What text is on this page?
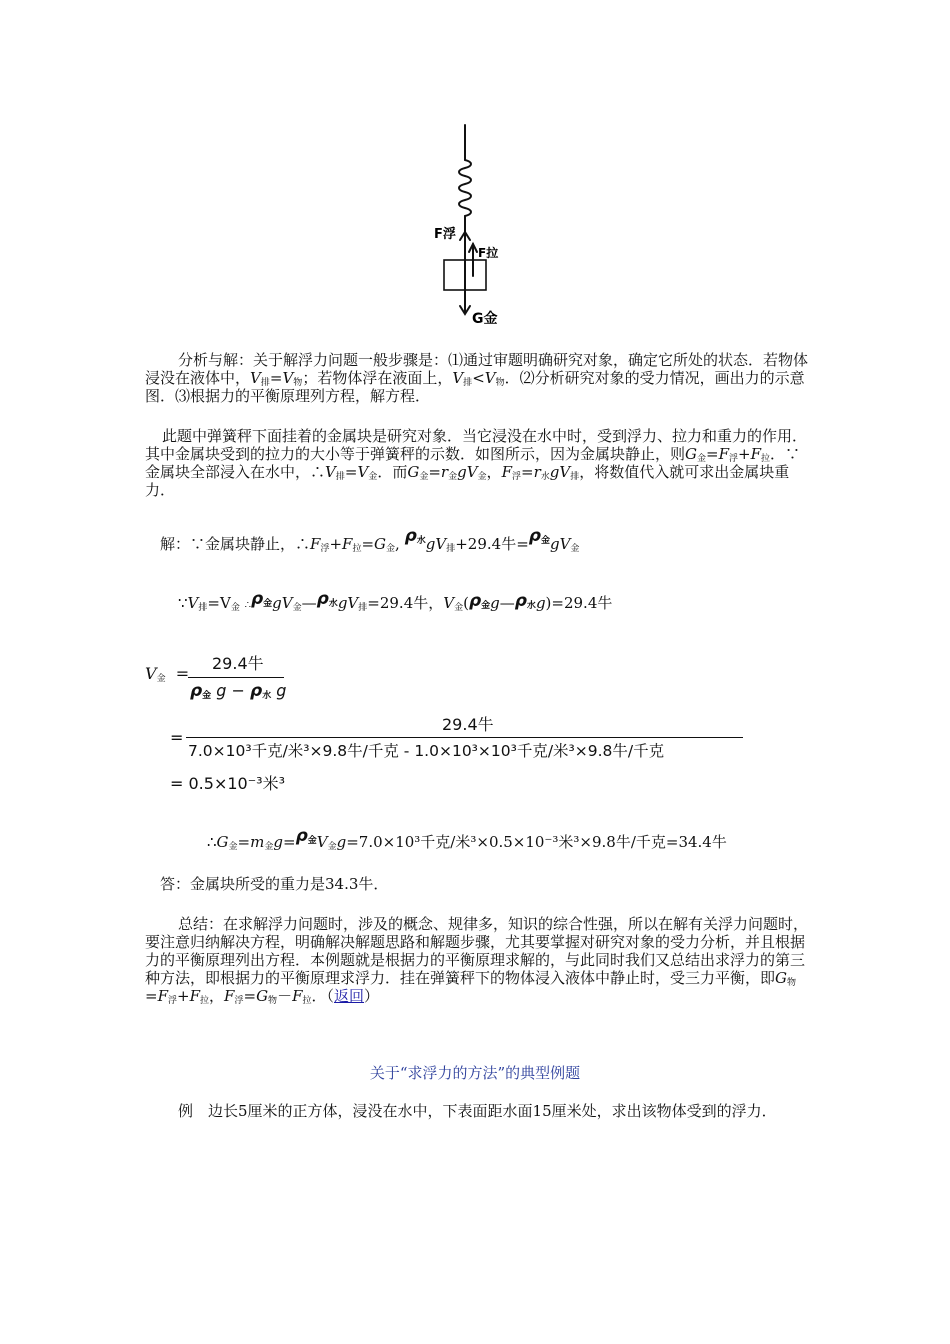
F浮
F拉
G金
分析与解：关于解浮力问题一般步骤是：⑴通过审题明确研究对象，确定它所处的状态．若物体浸没在液体中，$V_排=V_物$；若物体浮在液面上，$V_排<V_物$．⑵分析研究对象的受力情况，画出力的示意图．⑶根据力的平衡原理列方程，解方程．
此题中弹簧秤下面挂着的金属块是研究对象．当它浸没在水中时，受到浮力、拉力和重力的作用．其中金属块受到的拉力的大小等于弹簧秤的示数．如图所示，因为金属块静止，则$G_金=F_浮+F_拉$．∵金属块全部浸入在水中，$\therefore V_排=V_金$．而$G_金=r_金gV_金$，$F_浮=r_水gV_排$，将数值代入就可求出金属块重力．
解：∵金属块静止，$\therefore F_浮+F_拉=G_金$, ρ水$gV_排+29.4$牛=ρ金$gV_金$
$\because V_排=V_金$ ∴ρ金$gV_金—\rho$水$gV_排=29.4$牛，$V_金(\rho$金g—ρ水g)=29.4牛
V金  =
29.4牛
ρ金 g − ρ水 g
=
29.4牛
7.0×10³千克/米³×9.8牛/千克 - 1.0×10³×10³千克/米³×9.8牛/千克
= 0.5×10⁻³米³
$\therefore G_金=m_金g=\rho$金$V_金g=7.0\times 10^3$千克/米³×0.5×10⁻³米³×9.8牛/千克=34.4牛
答：金属块所受的重力是34.3牛．
总结：在求解浮力问题时，涉及的概念、规律多，知识的综合性强，所以在解有关浮力问题时，要注意归纳解决方程，明确解决解题思路和解题步骤，尤其要掌握对研究对象的受力分析，并且根据力的平衡原理列出方程．本例题就是根据力的平衡原理求解的，与此同时我们又总结出求浮力的第三种方法，即根据力的平衡原理求浮力．挂在弹簧秤下的物体浸入液体中静止时，受三力平衡，即$G_物=F_浮+F_拉$，$F_浮=G_物-F_拉$．（返回）
关于“求浮力的方法”的典型例题
例　边长5厘米的正方体，浸没在水中，下表面距水面15厘米处，求出该物体受到的浮力．
